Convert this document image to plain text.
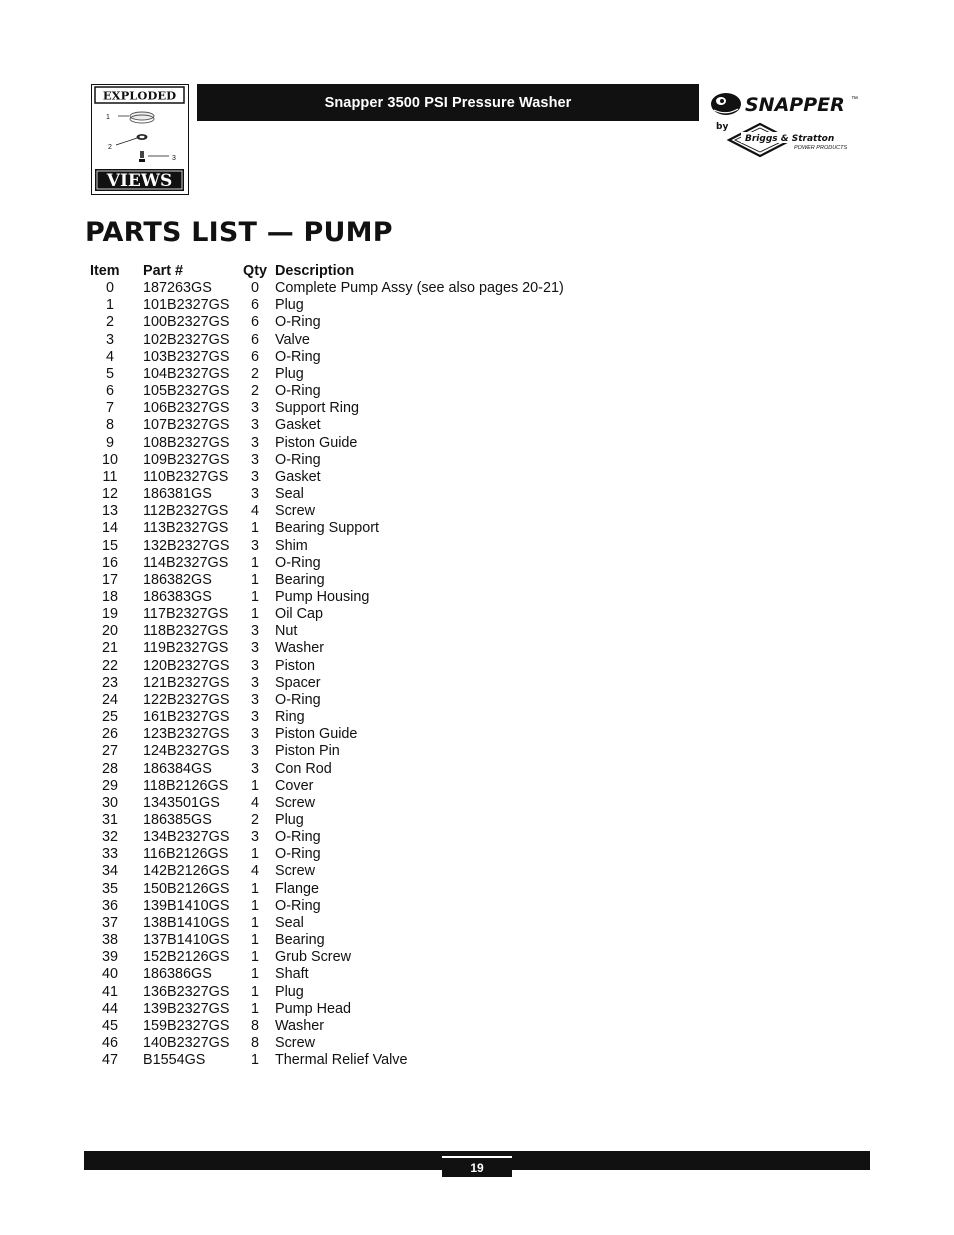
EXPLODED
1
2
3
VIEWS
Snapper 3500 PSI Pressure Washer	SNAPPER ™
by
Briggs & Stratton
POWER PRODUCTS
PARTS LIST — PUMP
Item	Part #	Qty	Description
0	187263GS	0	Complete Pump Assy (see also pages 20-21)
1	101B2327GS	6	Plug
2	100B2327GS	6	O-Ring
3	102B2327GS	6	Valve
4	103B2327GS	6	O-Ring
5	104B2327GS	2	Plug
6	105B2327GS	2	O-Ring
7	106B2327GS	3	Support Ring
8	107B2327GS	3	Gasket
9	108B2327GS	3	Piston Guide
10	109B2327GS	3	O-Ring
11	110B2327GS	3	Gasket
12	186381GS	3	Seal
13	112B2327GS	4	Screw
14	113B2327GS	1	Bearing Support
15	132B2327GS	3	Shim
16	114B2327GS	1	O-Ring
17	186382GS	1	Bearing
18	186383GS	1	Pump Housing
19	117B2327GS	1	Oil Cap
20	118B2327GS	3	Nut
21	119B2327GS	3	Washer
22	120B2327GS	3	Piston
23	121B2327GS	3	Spacer
24	122B2327GS	3	O-Ring
25	161B2327GS	3	Ring
26	123B2327GS	3	Piston Guide
27	124B2327GS	3	Piston Pin
28	186384GS	3	Con Rod
29	118B2126GS	1	Cover
30	1343501GS	4	Screw
31	186385GS	2	Plug
32	134B2327GS	3	O-Ring
33	116B2126GS	1	O-Ring
34	142B2126GS	4	Screw
35	150B2126GS	1	Flange
36	139B1410GS	1	O-Ring
37	138B1410GS	1	Seal
38	137B1410GS	1	Bearing
39	152B2126GS	1	Grub Screw
40	186386GS	1	Shaft
41	136B2327GS	1	Plug
44	139B2327GS	1	Pump Head
45	159B2327GS	8	Washer
46	140B2327GS	8	Screw
47	B1554GS	1	Thermal Relief Valve
19
